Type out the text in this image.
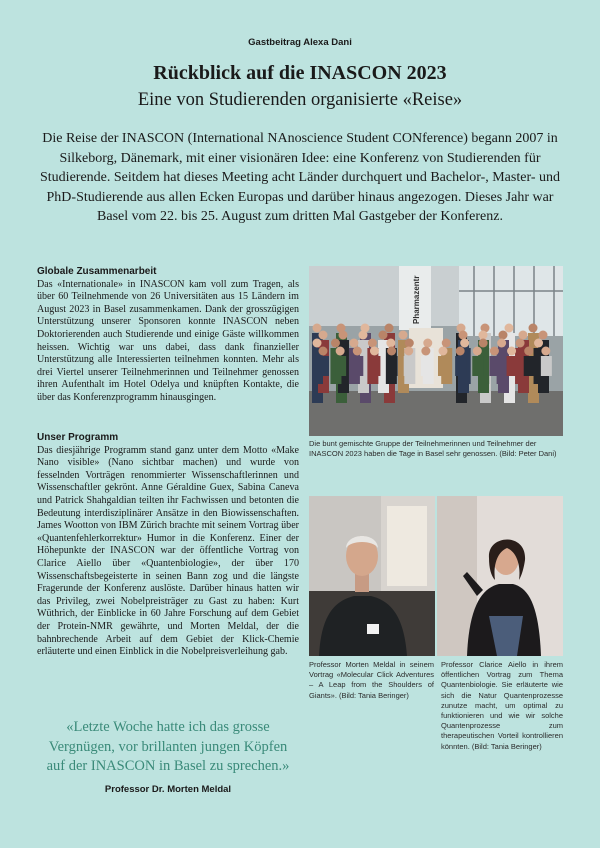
Gastbeitrag Alexa Dani
Rückblick auf die INASCON 2023
Eine von Studierenden organisierte «Reise»
Die Reise der INASCON (International NAnoscience Student CONference) begann 2007 in Silkeborg, Dänemark, mit einer visionären Idee: eine Konferenz von Studierenden für Studierende. Seitdem hat dieses Meeting acht Länder durchquert und Bachelor-, Master- und PhD-Studierende aus allen Ecken Europas und darüber hinaus angezogen. Dieses Jahr war Basel vom 22. bis 25. August zum dritten Mal Gastgeber der Konferenz.

Globale Zusammenarbeit

Das «Internationale» in INASCON kam voll zum Tragen, als über 60 Teilnehmende von 26 Universitäten aus 15 Ländern im August 2023 in Basel zusammenkamen. Dank der grosszügigen Unterstützung unserer Sponsoren konnte INASCON neben Doktorierenden auch Studierende und einige Gäste willkommen heissen. Wichtig war uns dabei, dass dank finanzieller Unterstützung alle Interessierten teilnehmen konnten. Mehr als drei Viertel unserer Teilnehmerinnen und Teilnehmer genossen ihren Aufenthalt im Hotel Odelya und knüpften Kontakte, die über das Konferenzprogramm hinausgingen.

Unser Programm

Das diesjährige Programm stand ganz unter dem Motto «Make Nano visible» (Nano sichtbar machen) und wurde von fesselnden Vorträgen renommierter Wissenschaftlerinnen und Wissenschaftler gekrönt. Anne Géraldine Guex, Sabina Caneva und Patrick Shahgaldian teilten ihr Fachwissen und betonten die Bedeutung interdisziplinärer Ansätze in den Biowissenschaften. James Wootton von IBM Zürich brachte mit seinem Vortrag über «Quantenfehlerkorrektur» Humor in die Konferenz. Einer der Höhepunkte der INASCON war der öffentliche Vortrag von Clarice Aiello über «Quantenbiologie», der über 170 Wissenschaftsbegeisterte in seinen Bann zog und die längste Fragerunde der Konferenz auslöste. Darüber hinaus hatten wir das Privileg, zwei Nobelpreisträger zu Gast zu haben: Kurt Wüthrich, der Einblicke in 60 Jahre Forschung auf dem Gebiet der Protein-NMR gewährte, und Morten Meldal, der die bahnbrechende Arbeit auf dem Gebiet der Klick-Chemie erläuterte und einen Einblick in die Nobelpreisverleihung gab.

«Letzte Woche hatte ich das grosse Vergnügen, vor brillanten jungen Köpfen auf der INASCON in Basel zu sprechen.»
Professor Dr. Morten Meldal
Pharmazentr
Die bunt gemischte Gruppe der Teilnehmerinnen und Teilnehmer der INASCON 2023 haben die Tage in Basel sehr genossen. (Bild: Peter Dani)
Professor Morten Meldal in seinem Vortrag «Molecular Click Adventures – A Leap from the Shoulders of Giants». (Bild: Tania Beringer)
Professor Clarice Aiello in ihrem öffentlichen Vortrag zum Thema Quantenbiologie. Sie erläuterte wie sich die Natur Quantenprozesse zunutze macht, um optimal zu funktionieren und wie wir solche Quantenprozesse zum therapeutischen Vorteil kontrollieren könnten. (Bild: Tania Beringer)
